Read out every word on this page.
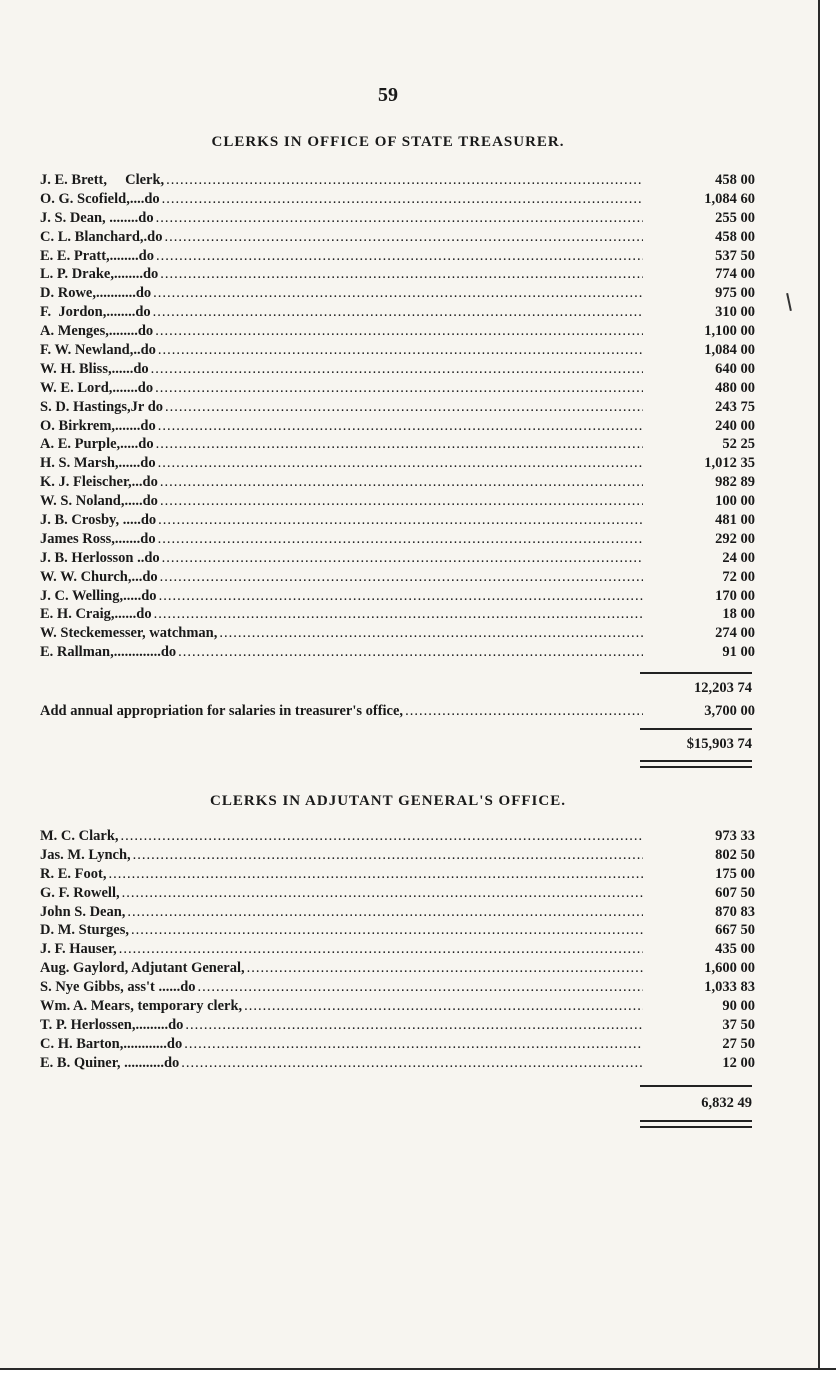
59
CLERKS IN OFFICE OF STATE TREASURER.
J. E. Brett,     Clerk, .....	458 00
O. G. Scofield,....do .....	1,084 60
J. S. Dean, ........do .....	255 00
C. L. Blanchard,.do .....	458 00
E. E. Pratt,........do .....	537 50
L. P. Drake,........do .....	774 00
D. Rowe,...........do .....	975 00
F.  Jordon,........do .....	310 00
A. Menges,........do .....	1,100 00
F. W. Newland,..do .....	1,084 00
W. H. Bliss,......do .....	640 00
W. E. Lord,.......do .....	480 00
S. D. Hastings,Jr do .....	243 75
O. Birkrem,.......do .....	240 00
A. E. Purple,.....do .....	52 25
H. S. Marsh,......do .....	1,012 35
K. J. Fleischer,...do .....	982 89
W. S. Noland,.....do .....	100 00
J. B. Crosby, .....do .....	481 00
James Ross,.......do .....	292 00
J. B. Herlosson ..do .....	24 00
W. W. Church,...do .....	72 00
J. C. Welling,.....do .....	170 00
E. H. Craig,......do .....	18 00
W. Steckemesser, watchman, .....	274 00
E. Rallman,.............do .....	91 00
12,203 74
Add annual appropriation for salaries in treasurer's office, .....	3,700 00
$15,903 74
CLERKS IN ADJUTANT GENERAL'S OFFICE.
M. C. Clark, .....	973 33
Jas. M. Lynch, .....	802 50
R. E. Foot, .....	175 00
G. F. Rowell, .....	607 50
John S. Dean, .....	870 83
D. M. Sturges, .....	667 50
J. F. Hauser, .....	435 00
Aug. Gaylord, Adjutant General, .....	1,600 00
S. Nye Gibbs, ass't ......do .....	1,033 83
Wm. A. Mears, temporary clerk, .....	90 00
T. P. Herlossen,.........do .....	37 50
C. H. Barton,............do .....	27 50
E. B. Quiner, ...........do .....	12 00
6,832 49
